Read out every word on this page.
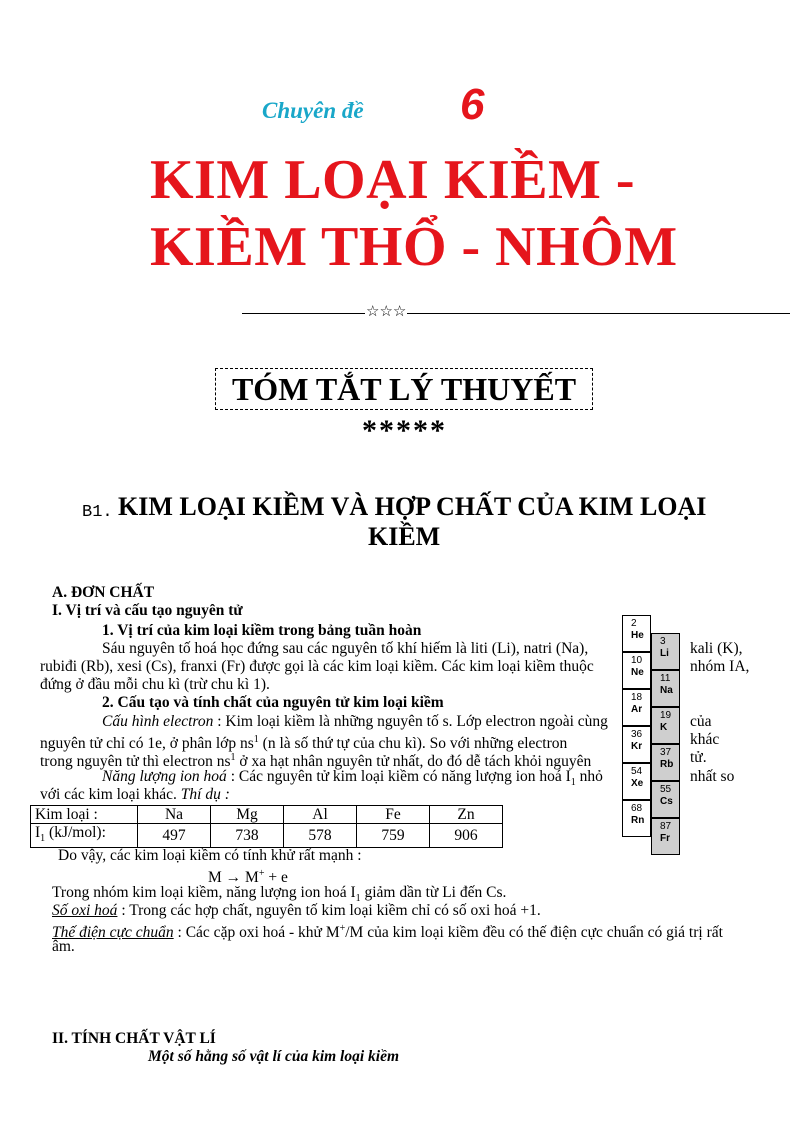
Chuyên đề 6
KIM LOẠI KIỀM -
KIỀM THỔ - NHÔM
☆☆☆
TÓM TẮT LÝ THUYẾT
*****
B1. KIM LOẠI KIỀM VÀ HỢP CHẤT CỦA KIM LOẠI
KIỀM
A. ĐƠN CHẤT
I. Vị trí và cấu tạo nguyên tử
1. Vị trí của kim loại kiềm trong bảng tuần hoàn
Sáu nguyên tố hoá học đứng sau các nguyên tố khí hiếm là liti (Li), natri (Na),	kali (K),
rubiđi (Rb), xesi (Cs), franxi (Fr) được gọi là các kim loại kiềm. Các kim loại kiềm thuộc	nhóm IA,
đứng ở đầu mỗi chu kì (trừ chu kì 1).
2. Cấu tạo và tính chất của nguyên tử kim loại kiềm
Cấu hình electron : Kim loại kiềm là những nguyên tố s. Lớp electron ngoài cùng	của
nguyên tử chỉ có 1e, ở phân lớp $ns^1$ (n là số thứ tự của chu kì). So với những electron	khác
trong nguyên tử thì electron $ns^1$ ở xa hạt nhân nguyên tử nhất, do đó dễ tách khỏi nguyên	tử.
Năng lượng ion hoá : Các nguyên tử kim loại kiềm có năng lượng ion hoá $I_1$ nhỏ	nhất so
với các kim loại khác. Thí dụ :
Kim loại :	Na	Mg	Al	Fe	Zn
$I_1$ (kJ/mol):	497	738	578	759	906
Do vậy, các kim loại kiềm có tính khử rất mạnh :
M → M+ + e
Trong nhóm kim loại kiềm, năng lượng ion hoá $I_1$ giảm dần từ Li đến Cs.
Số oxi hoá : Trong các hợp chất, nguyên tố kim loại kiềm chỉ có số oxi hoá +1.
Thế điện cực chuẩn : Các cặp oxi hoá - khử M+/M của kim loại kiềm đều có thế điện cực chuẩn có giá trị rất
âm.
II. TÍNH CHẤT VẬT LÍ
Một số hằng số vật lí của kim loại kiềm
2
He
10
Ne
18
Ar
36
Kr
54
Xe
68
Rn
3
Li
11
Na
19
K
37
Rb
55
Cs
87
Fr
